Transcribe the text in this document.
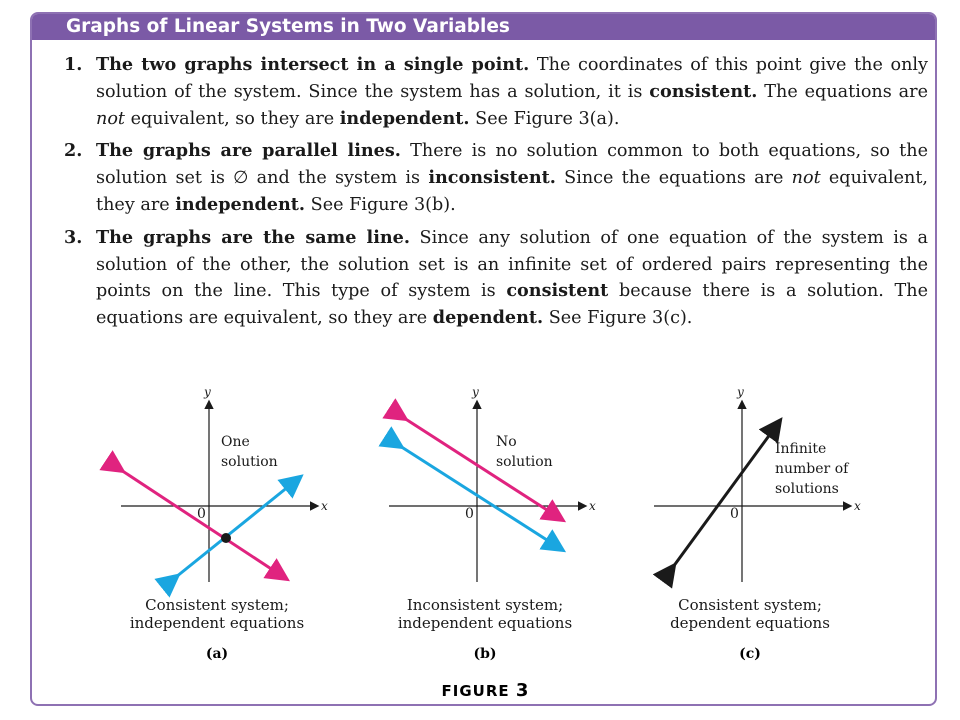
Graphs of Linear Systems in Two Variables
1. The two graphs intersect in a single point. The coordinates of this point give the only solution of the system. Since the system has a solution, it is consistent. The equations are not equivalent, so they are independent. See Figure 3(a).
2. The graphs are parallel lines. There is no solution common to both equations, so the solution set is ∅ and the system is inconsistent. Since the equations are not equivalent, they are independent. See Figure 3(b).
3. The graphs are the same line. Since any solution of one equation of the system is a solution of the other, the solution set is an infinite set of ordered pairs representing the points on the line. This type of system is consistent because there is a solution. The equations are equivalent, so they are dependent. See Figure 3(c).
x
y
0
One
solution
Consistent system;
independent equations
(a)
x
y
0
No
solution
Inconsistent system;
independent equations
(b)
x
y
0
Infinite
number of
solutions
Consistent system;
dependent equations
(c)
FIGURE 3
